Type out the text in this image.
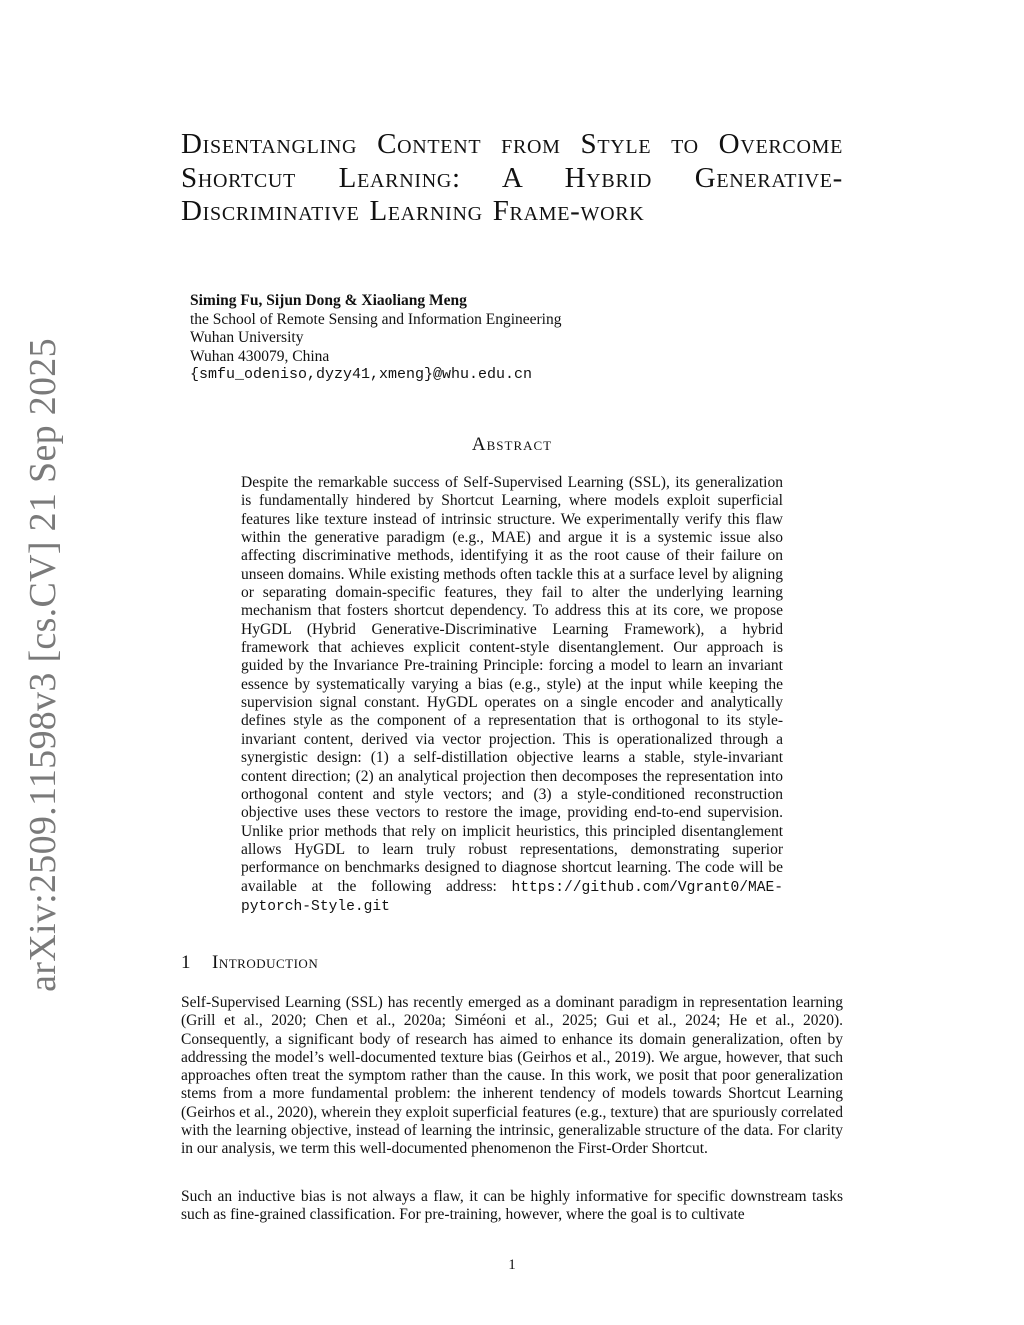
arXiv:2509.11598v3 [cs.CV] 21 Sep 2025
Disentangling Content from Style to Overcome Shortcut Learning: A Hybrid Generative-Discriminative Learning Frame-work
Siming Fu, Sijun Dong & Xiaoliang Meng
the School of Remote Sensing and Information Engineering
Wuhan University
Wuhan 430079, China
{smfu_odeniso,dyzy41,xmeng}@whu.edu.cn
Abstract

Despite the remarkable success of Self-Supervised Learning (SSL), its generalization is fundamentally hindered by Shortcut Learning, where models exploit superficial features like texture instead of intrinsic structure. We experimentally verify this flaw within the generative paradigm (e.g., MAE) and argue it is a systemic issue also affecting discriminative methods, identifying it as the root cause of their failure on unseen domains. While existing methods often tackle this at a surface level by aligning or separating domain-specific features, they fail to alter the underlying learning mechanism that fosters shortcut dependency. To address this at its core, we propose HyGDL (Hybrid Generative-Discriminative Learning Framework), a hybrid framework that achieves explicit content-style disentanglement. Our approach is guided by the Invariance Pre-training Principle: forcing a model to learn an invariant essence by systematically varying a bias (e.g., style) at the input while keeping the supervision signal constant. HyGDL operates on a single encoder and analytically defines style as the component of a representation that is orthogonal to its style-invariant content, derived via vector projection. This is operationalized through a synergistic design: (1) a self-distillation objective learns a stable, style-invariant content direction; (2) an analytical projection then decomposes the representation into orthogonal content and style vectors; and (3) a style-conditioned reconstruction objective uses these vectors to restore the image, providing end-to-end supervision. Unlike prior methods that rely on implicit heuristics, this principled disentanglement allows HyGDL to learn truly robust representations, demonstrating superior performance on benchmarks designed to diagnose shortcut learning. The code will be available at the following address: https://github.com/Vgrant0/MAE-pytorch-Style.git

1 Introduction

Self-Supervised Learning (SSL) has recently emerged as a dominant paradigm in representation learning (Grill et al., 2020; Chen et al., 2020a; Siméoni et al., 2025; Gui et al., 2024; He et al., 2020). Consequently, a significant body of research has aimed to enhance its domain generalization, often by addressing the model’s well-documented texture bias (Geirhos et al., 2019). We argue, however, that such approaches often treat the symptom rather than the cause. In this work, we posit that poor generalization stems from a more fundamental problem: the inherent tendency of models towards Shortcut Learning (Geirhos et al., 2020), wherein they exploit superficial features (e.g., texture) that are spuriously correlated with the learning objective, instead of learning the intrinsic, generalizable structure of the data. For clarity in our analysis, we term this well-documented phenomenon the First-Order Shortcut.

Such an inductive bias is not always a flaw, it can be highly informative for specific downstream tasks such as fine-grained classification. For pre-training, however, where the goal is to cultivate

1
